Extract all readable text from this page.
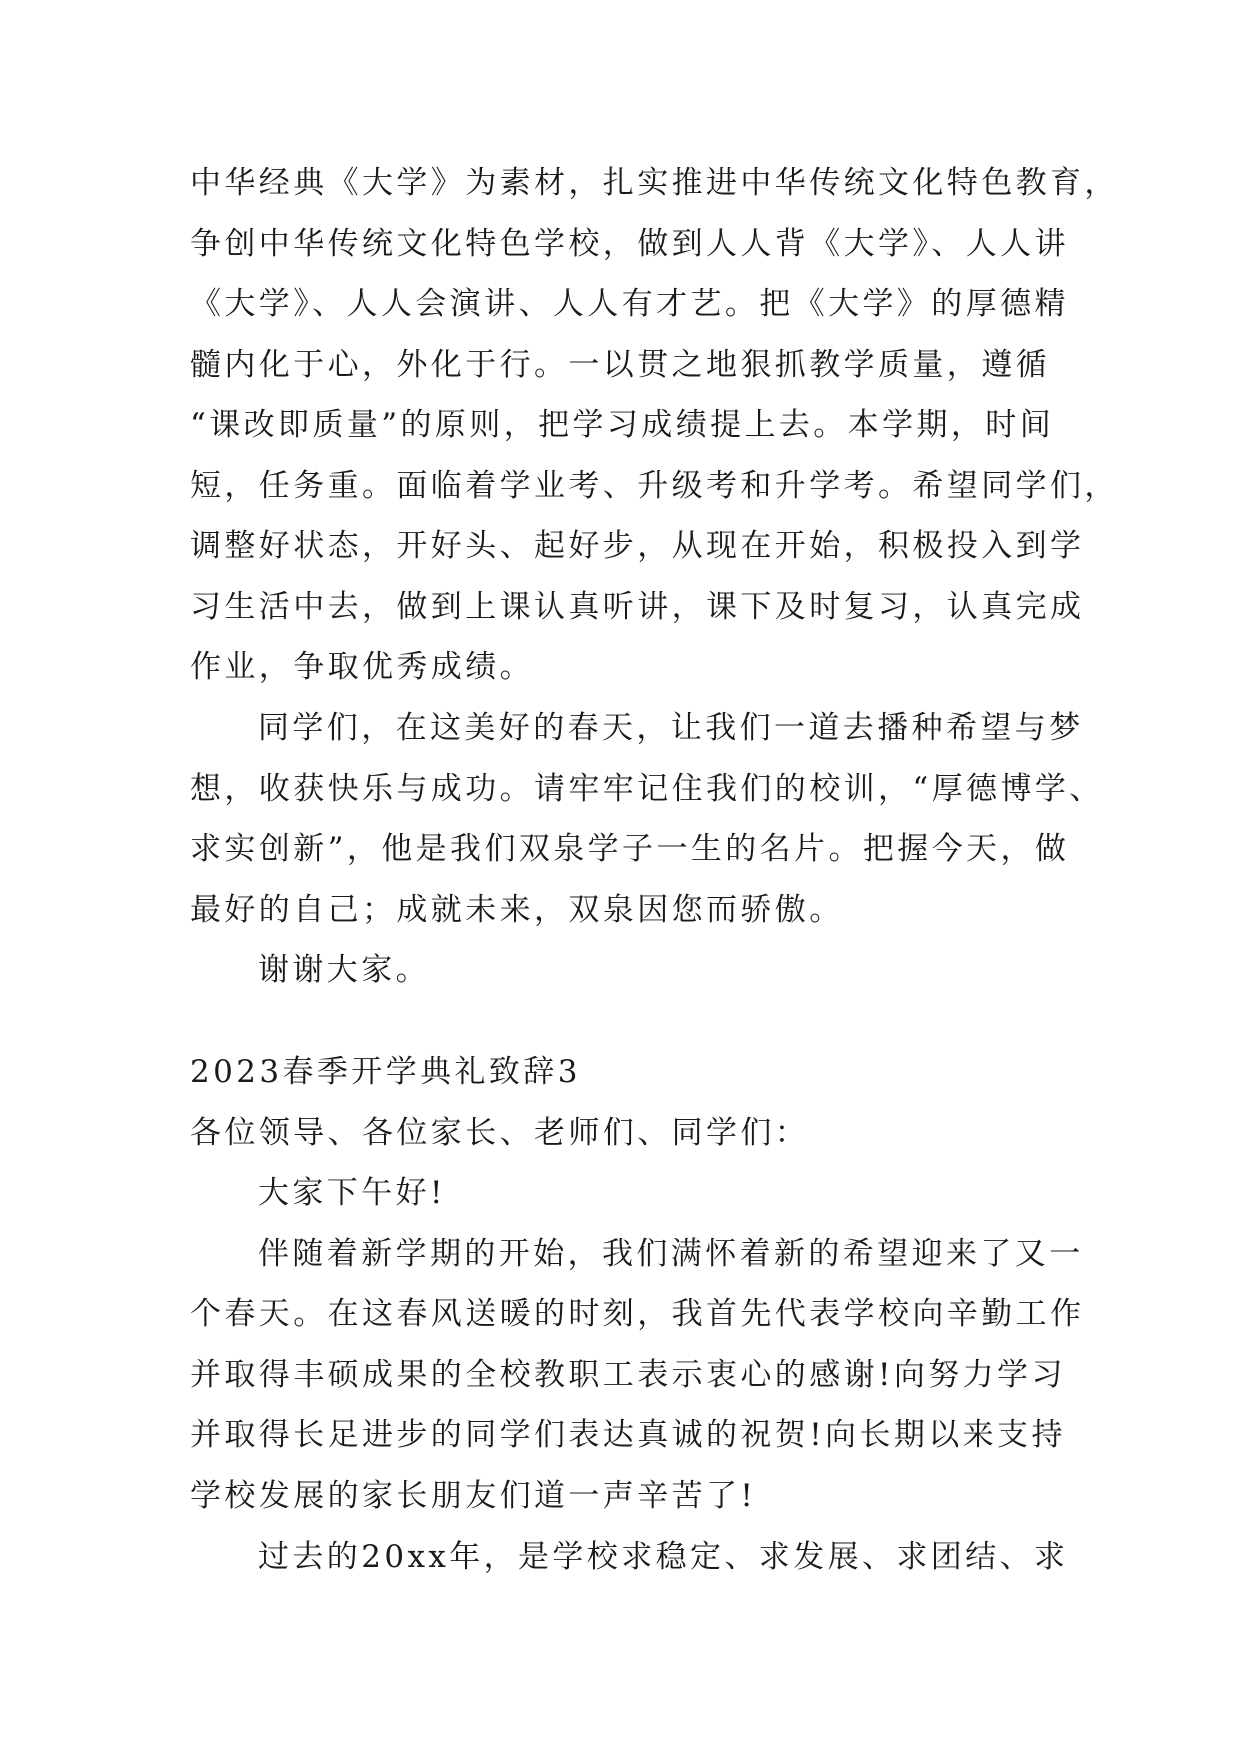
中华经典《大学》为素材，扎实推进中华传统文化特色教育，
争创中华传统文化特色学校，做到人人背《大学》、人人讲
《大学》、人人会演讲、人人有才艺。把《大学》的厚德精
髓内化于心，外化于行。一以贯之地狠抓教学质量，遵循
“课改即质量”的原则，把学习成绩提上去。本学期，时间
短，任务重。面临着学业考、升级考和升学考。希望同学们，
调整好状态，开好头、起好步，从现在开始，积极投入到学
习生活中去，做到上课认真听讲，课下及时复习，认真完成
作业，争取优秀成绩。
同学们，在这美好的春天，让我们一道去播种希望与梦
想，收获快乐与成功。请牢牢记住我们的校训，“厚德博学、
求实创新”，他是我们双泉学子一生的名片。把握今天，做
最好的自己；成就未来，双泉因您而骄傲。
谢谢大家。
2023春季开学典礼致辞3
各位领导、各位家长、老师们、同学们：
大家下午好!
伴随着新学期的开始，我们满怀着新的希望迎来了又一
个春天。在这春风送暖的时刻，我首先代表学校向辛勤工作
并取得丰硕成果的全校教职工表示衷心的感谢!向努力学习
并取得长足进步的同学们表达真诚的祝贺!向长期以来支持
学校发展的家长朋友们道一声辛苦了!
过去的20xx年，是学校求稳定、求发展、求团结、求
